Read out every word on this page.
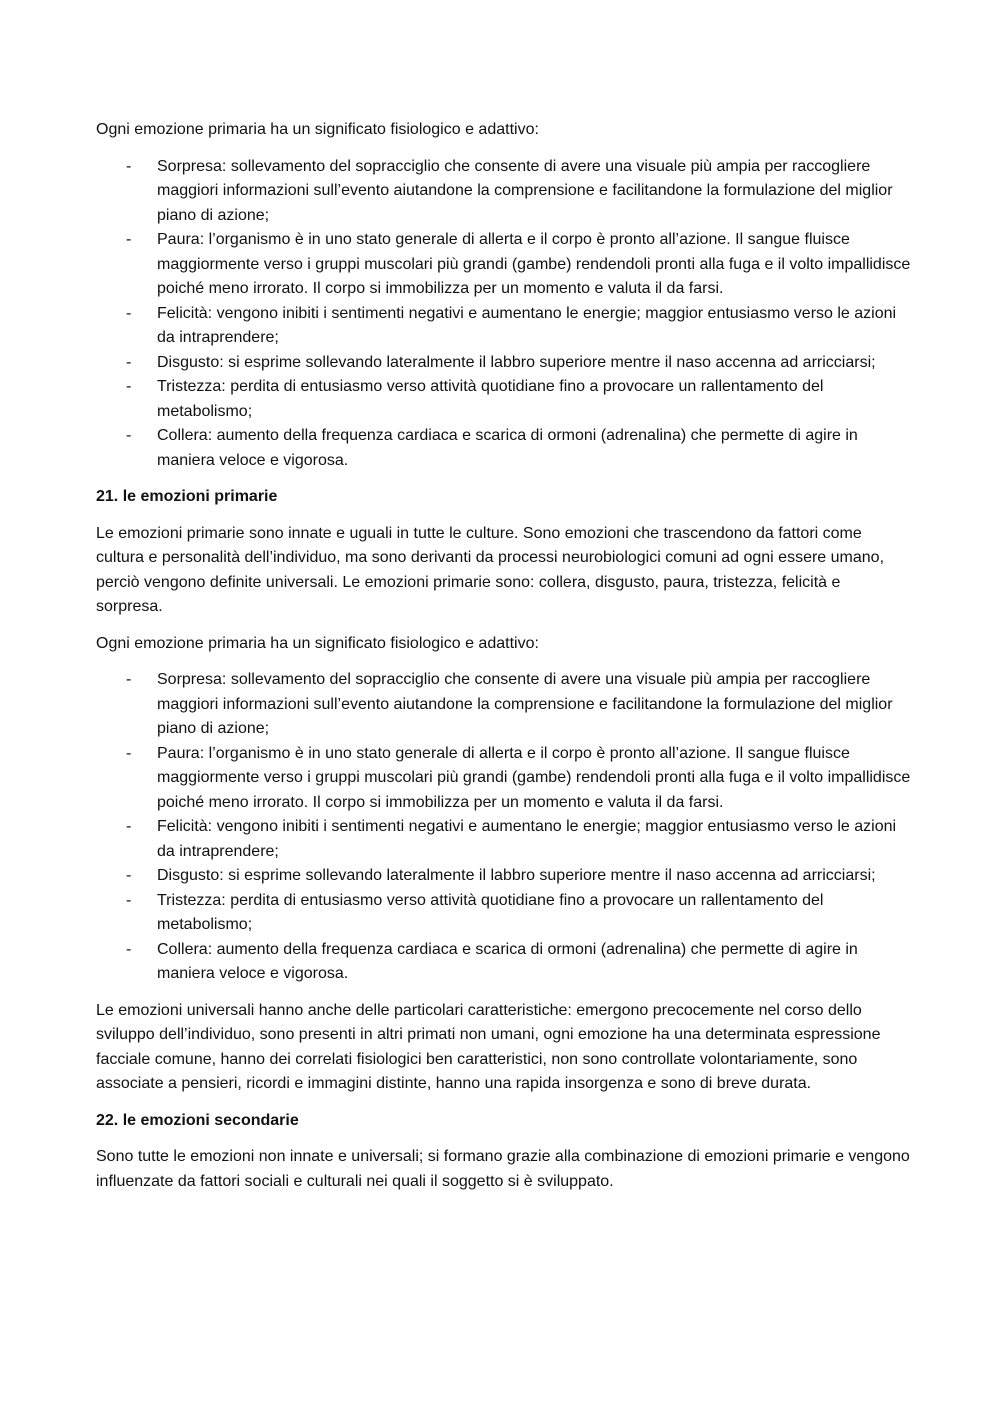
Ogni emozione primaria ha un significato fisiologico e adattivo:

- Sorpresa: sollevamento del sopracciglio che consente di avere una visuale più ampia per raccogliere maggiori informazioni sull’evento aiutandone la comprensione e facilitandone la formulazione del miglior piano di azione;
- Paura: l’organismo è in uno stato generale di allerta e il corpo è pronto all’azione. Il sangue fluisce maggiormente verso i gruppi muscolari più grandi (gambe) rendendoli pronti alla fuga e il volto impallidisce poiché meno irrorato. Il corpo si immobilizza per un momento e valuta il da farsi.
- Felicità: vengono inibiti i sentimenti negativi e aumentano le energie; maggior entusiasmo verso le azioni da intraprendere;
- Disgusto: si esprime sollevando lateralmente il labbro superiore mentre il naso accenna ad arricciarsi;
- Tristezza: perdita di entusiasmo verso attività quotidiane fino a provocare un rallentamento del metabolismo;
- Collera: aumento della frequenza cardiaca e scarica di ormoni (adrenalina) che permette di agire in maniera veloce e vigorosa.

21. le emozioni primarie

Le emozioni primarie sono innate e uguali in tutte le culture. Sono emozioni che trascendono da fattori come cultura e personalità dell’individuo, ma sono derivanti da processi neurobiologici comuni ad ogni essere umano, perciò vengono definite universali. Le emozioni primarie sono: collera, disgusto, paura, tristezza, felicità e sorpresa.

Ogni emozione primaria ha un significato fisiologico e adattivo:

- Sorpresa: sollevamento del sopracciglio che consente di avere una visuale più ampia per raccogliere maggiori informazioni sull’evento aiutandone la comprensione e facilitandone la formulazione del miglior piano di azione;
- Paura: l’organismo è in uno stato generale di allerta e il corpo è pronto all’azione. Il sangue fluisce maggiormente verso i gruppi muscolari più grandi (gambe) rendendoli pronti alla fuga e il volto impallidisce poiché meno irrorato. Il corpo si immobilizza per un momento e valuta il da farsi.
- Felicità: vengono inibiti i sentimenti negativi e aumentano le energie; maggior entusiasmo verso le azioni da intraprendere;
- Disgusto: si esprime sollevando lateralmente il labbro superiore mentre il naso accenna ad arricciarsi;
- Tristezza: perdita di entusiasmo verso attività quotidiane fino a provocare un rallentamento del metabolismo;
- Collera: aumento della frequenza cardiaca e scarica di ormoni (adrenalina) che permette di agire in maniera veloce e vigorosa.

Le emozioni universali hanno anche delle particolari caratteristiche: emergono precocemente nel corso dello sviluppo dell’individuo, sono presenti in altri primati non umani, ogni emozione ha una determinata espressione facciale comune, hanno dei correlati fisiologici ben caratteristici, non sono controllate volontariamente, sono associate a pensieri, ricordi e immagini distinte, hanno una rapida insorgenza e sono di breve durata.

22. le emozioni secondarie

Sono tutte le emozioni non innate e universali; si formano grazie alla combinazione di emozioni primarie e vengono influenzate da fattori sociali e culturali nei quali il soggetto si è sviluppato.
